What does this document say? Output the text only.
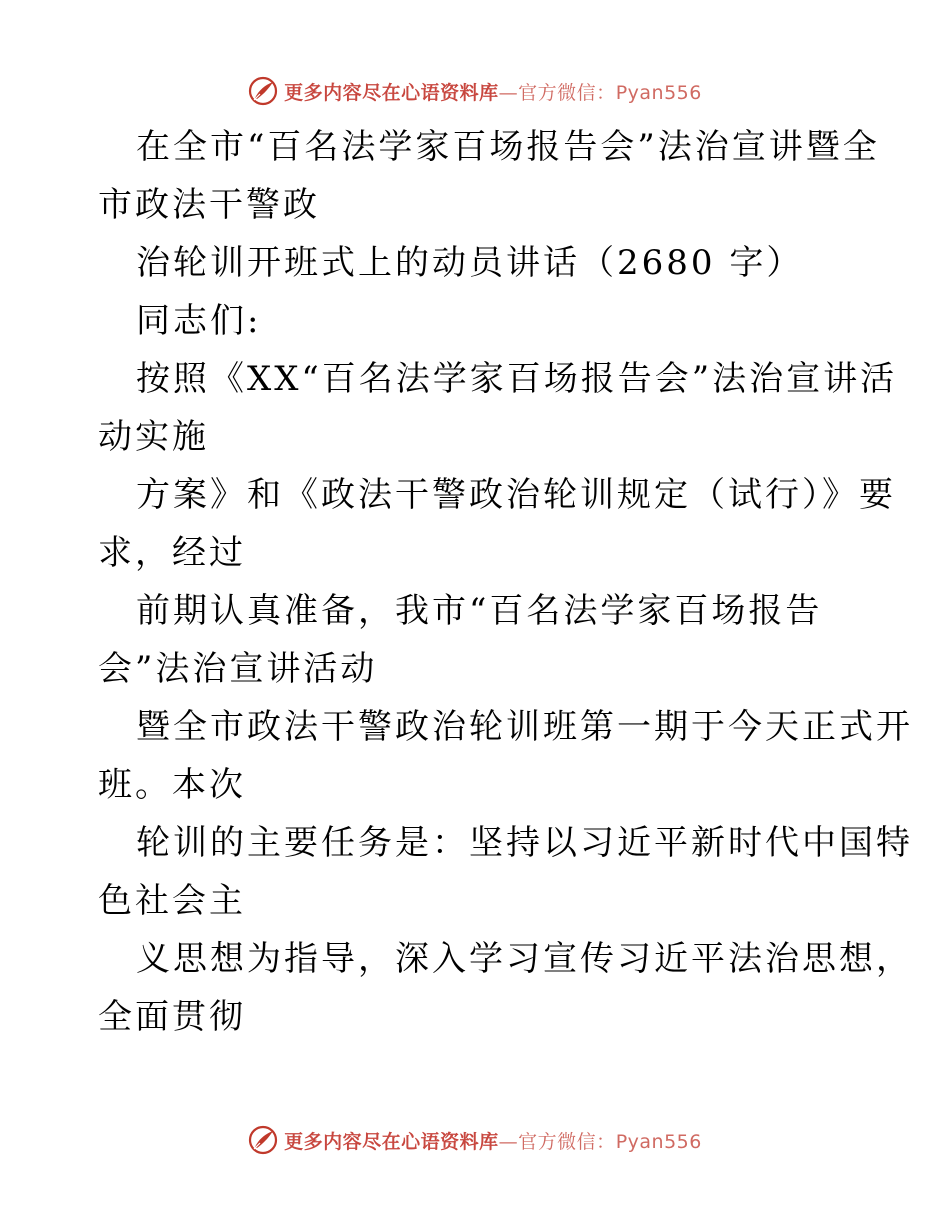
更多内容尽在心语资料库—官方微信：Pyan556
在全市“百名法学家百场报告会”法治宣讲暨全
市政法干警政
治轮训开班式上的动员讲话（2680 字）
同志们:
按照《XX“百名法学家百场报告会”法治宣讲活
动实施
方案》和《政法干警政治轮训规定（试行）》要
求，经过
前期认真准备，我市“百名法学家百场报告
会”法治宣讲活动
暨全市政法干警政治轮训班第一期于今天正式开
班。本次
轮训的主要任务是：坚持以习近平新时代中国特
色社会主
义思想为指导，深入学习宣传习近平法治思想，
全面贯彻
更多内容尽在心语资料库—官方微信：Pyan556
